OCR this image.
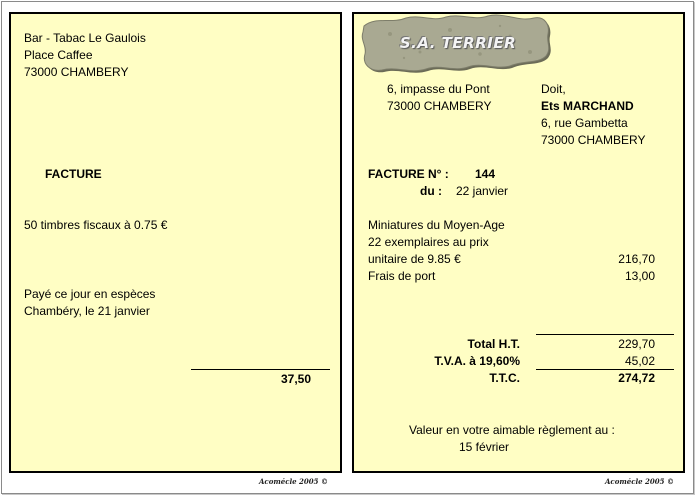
Bar - Tabac Le Gaulois
Place Caffee
73000 CHAMBERY
FACTURE
50 timbres fiscaux à 0.75 €
Payé ce jour en espèces
Chambéry, le 21 janvier
37,50
Acomécle 2005 ©
S.A. TERRIER
6, impasse du Pont
73000 CHAMBERY
Doit,
Ets MARCHAND
6, rue Gambetta
73000 CHAMBERY
FACTURE N° : 144
du : 22 janvier
Miniatures du Moyen-Age
22 exemplaires au prix
unitaire de 9.85 €	216,70
Frais de port	13,00
Total H.T.	229,70
T.V.A. à 19,60%	45,02
T.T.C.	274,72
Valeur en votre aimable règlement au :
15 février
Acomécle 2005 ©
